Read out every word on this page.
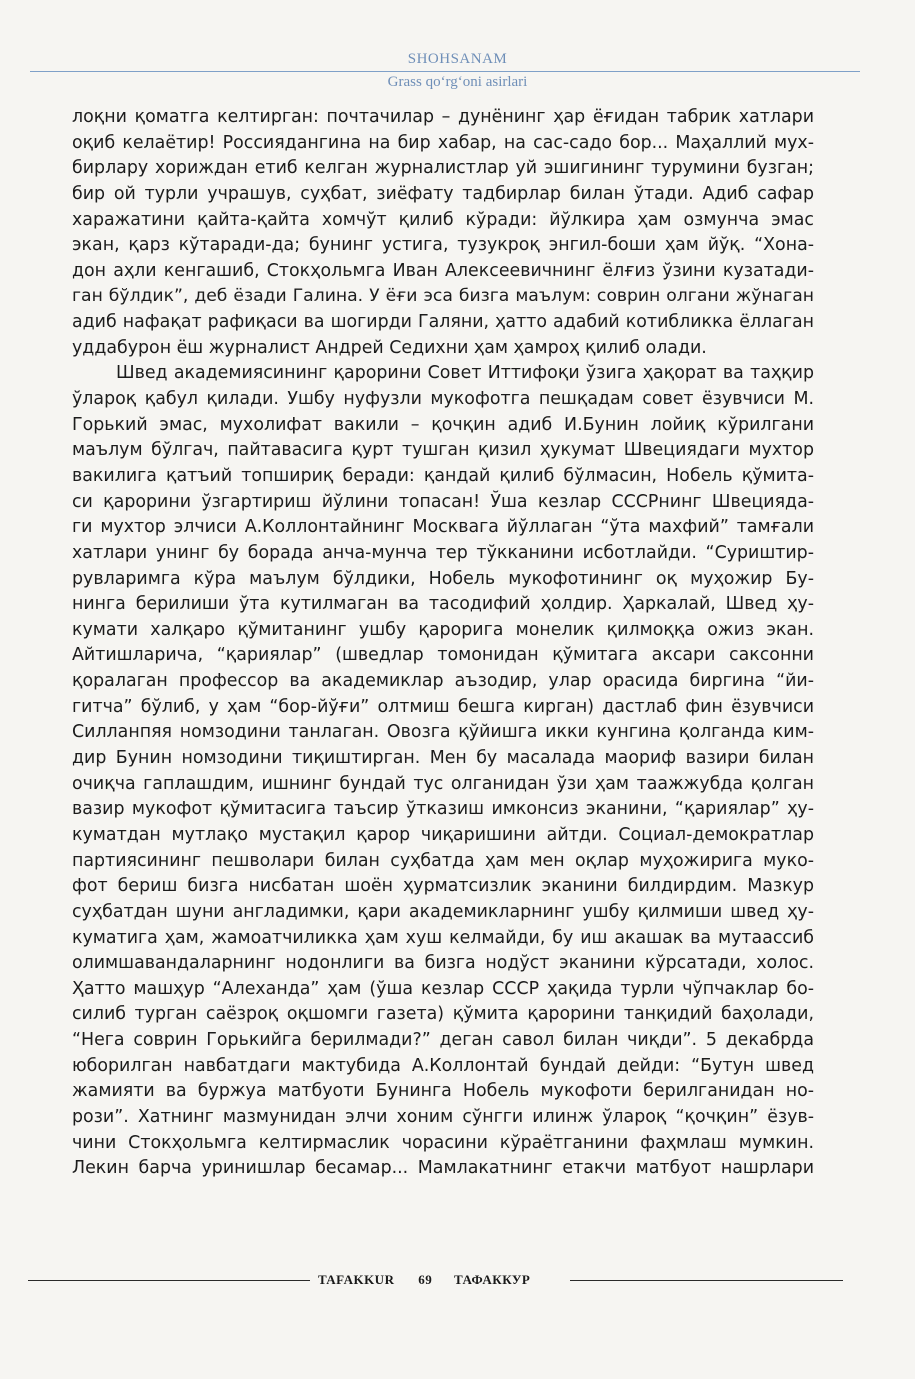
SHOHSANAM
Grass qo‘rg‘oni asirlari
лоқни қоматга келтирган: почтачилар – дунёнинг ҳар ёғидан табрик хатлари
оқиб келаётир! Россиядангина на бир хабар, на сас-садо бор... Маҳаллий мух-
бирлару хориждан етиб келган журналистлар уй эшигининг турумини бузган;
бир ой турли учрашув, суҳбат, зиёфату тадбирлар билан ўтади. Адиб сафар
харажатини қайта-қайта хомчўт қилиб кўради: йўлкира ҳам озмунча эмас
экан, қарз кўтаради-да; бунинг устига, тузукроқ энгил-боши ҳам йўқ. “Хона-
дон аҳли кенгашиб, Стокҳольмга Иван Алексеевичнинг ёлғиз ўзини кузатади-
ган бўлдик”, деб ёзади Галина. У ёғи эса бизга маълум: соврин олгани жўнаган
адиб нафақат рафиқаси ва шогирди Галяни, ҳатто адабий котибликка ёллаган
уддабурон ёш журналист Андрей Седихни ҳам ҳамроҳ қилиб олади.
Швед академиясининг қарорини Совет Иттифоқи ўзига ҳақорат ва таҳқир
ўлароқ қабул қилади. Ушбу нуфузли мукофотга пешқадам совет ёзувчиси М.
Горький эмас, мухолифат вакили – қочқин адиб И.Бунин лойиқ кўрилгани
маълум бўлгач, пайтавасига қурт тушган қизил ҳукумат Швециядаги мухтор
вакилига қатъий топшириқ беради: қандай қилиб бўлмасин, Нобель қўмита-
си қарорини ўзгартириш йўлини топасан! Ўша кезлар СССРнинг Швецияда-
ги мухтор элчиси А.Коллонтайнинг Москвага йўллаган “ўта махфий” тамғали
хатлари унинг бу борада анча-мунча тер тўкканини исботлайди. “Суриштир-
рувларимга кўра маълум бўлдики, Нобель мукофотининг оқ муҳожир Бу-
нинга берилиши ўта кутилмаган ва тасодифий ҳолдир. Ҳаркалай, Швед ҳу-
кумати халқаро қўмитанинг ушбу қарорига монелик қилмоққа ожиз экан.
Айтишларича, “қариялар” (шведлар томонидан қўмитага аксари саксонни
қоралаган профессор ва академиклар аъзодир, улар орасида биргина “йи-
гитча” бўлиб, у ҳам “бор-йўғи” олтмиш бешга кирган) дастлаб фин ёзувчиси
Силланпяя номзодини танлаган. Овозга қўйишга икки кунгина қолганда ким-
дир Бунин номзодини тиқиштирган. Мен бу масалада маориф вазири билан
очиқча гаплашдим, ишнинг бундай тус олганидан ўзи ҳам таажжубда қолган
вазир мукофот қўмитасига таъсир ўтказиш имконсиз эканини, “қариялар” ҳу-
куматдан мутлақо мустақил қарор чиқаришини айтди. Социал-демократлар
партиясининг пешволари билан суҳбатда ҳам мен оқлар муҳожирига муко-
фот бериш бизга нисбатан шоён ҳурматсизлик эканини билдирдим. Мазкур
суҳбатдан шуни англадимки, қари академикларнинг ушбу қилмиши швед ҳу-
куматига ҳам, жамоатчиликка ҳам хуш келмайди, бу иш акашак ва мутаассиб
олимшавандаларнинг нодонлиги ва бизга нодўст эканини кўрсатади, холос.
Ҳатто машҳур “Алеханда” ҳам (ўша кезлар СССР ҳақида турли чўпчаклар бо-
силиб турган саёзроқ оқшомги газета) қўмита қарорини танқидий баҳолади,
“Нега соврин Горькийга берилмади?” деган савол билан чиқди”. 5 декабрда
юборилган навбатдаги мактубида А.Коллонтай бундай дейди: “Бутун швед
жамияти ва буржуа матбуоти Бунинга Нобель мукофоти берилганидан но-
рози”. Хатнинг мазмунидан элчи хоним сўнгги илинж ўлароқ “қочқин” ёзув-
чини Стокҳольмга келтирмаслик чорасини кўраётганини фаҳмлаш мумкин.
Лекин барча уринишлар бесамар... Мамлакатнинг етакчи матбуот нашрлари
TAFAKKUR 69 ТАФАККУР
